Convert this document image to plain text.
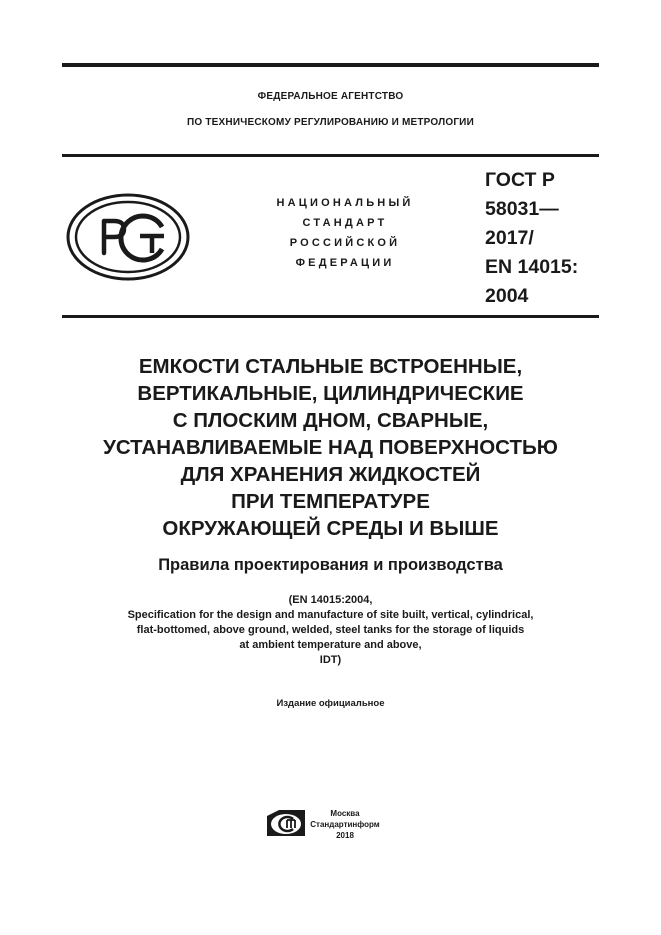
ФЕДЕРАЛЬНОЕ АГЕНТСТВО
ПО ТЕХНИЧЕСКОМУ РЕГУЛИРОВАНИЮ И МЕТРОЛОГИИ
НАЦИОНАЛЬНЫЙ
СТАНДАРТ
РОССИЙСКОЙ
ФЕДЕРАЦИИ
ГОСТ Р
58031—
2017/
EN 14015:
2004
ЕМКОСТИ СТАЛЬНЫЕ ВСТРОЕННЫЕ,
ВЕРТИКАЛЬНЫЕ, ЦИЛИНДРИЧЕСКИЕ
С ПЛОСКИМ ДНОМ, СВАРНЫЕ,
УСТАНАВЛИВАЕМЫЕ НАД ПОВЕРХНОСТЬЮ
ДЛЯ ХРАНЕНИЯ ЖИДКОСТЕЙ
ПРИ ТЕМПЕРАТУРЕ
ОКРУЖАЮЩЕЙ СРЕДЫ И ВЫШЕ
Правила проектирования и производства
(EN 14015:2004,
Specification for the design and manufacture of site built, vertical, cylindrical,
flat-bottomed, above ground, welded, steel tanks for the storage of liquids
at ambient temperature and above,
IDT)
Издание официальное
Москва
Стандартинформ
2018
